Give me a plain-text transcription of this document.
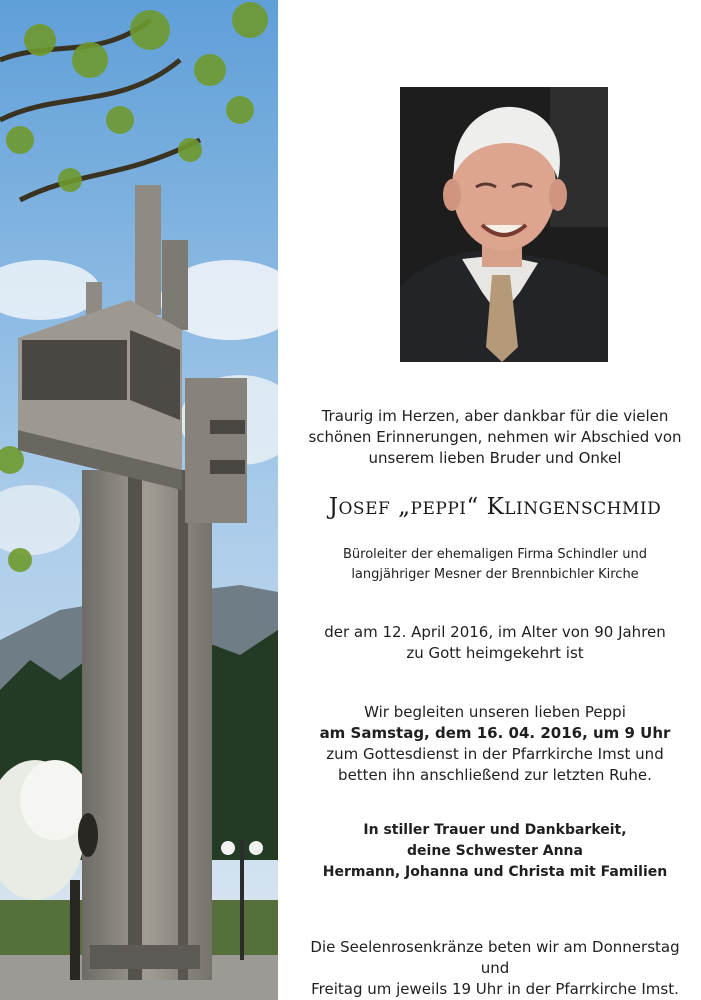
Traurig im Herzen, aber dankbar für die vielen

schönen Erinnerungen, nehmen wir Abschied von

unserem lieben Bruder und Onkel

JOSEF „PEPPI“ KLINGENSCHMID

Büroleiter der ehemaligen Firma Schindler und

langjähriger Mesner der Brennbichler Kirche

der am 12. April 2016, im Alter von 90 Jahren

zu Gott heimgekehrt ist

Wir begleiten unseren lieben Peppi

am Samstag, dem 16. 04. 2016, um 9 Uhr

zum Gottesdienst in der Pfarrkirche Imst und

betten ihn anschließend zur letzten Ruhe.

In stiller Trauer und Dankbarkeit,

deine Schwester Anna

Hermann, Johanna und Christa mit Familien

Die Seelenrosenkränze beten wir am Donnerstag und

Freitag um jeweils 19 Uhr in der Pfarrkirche Imst.
